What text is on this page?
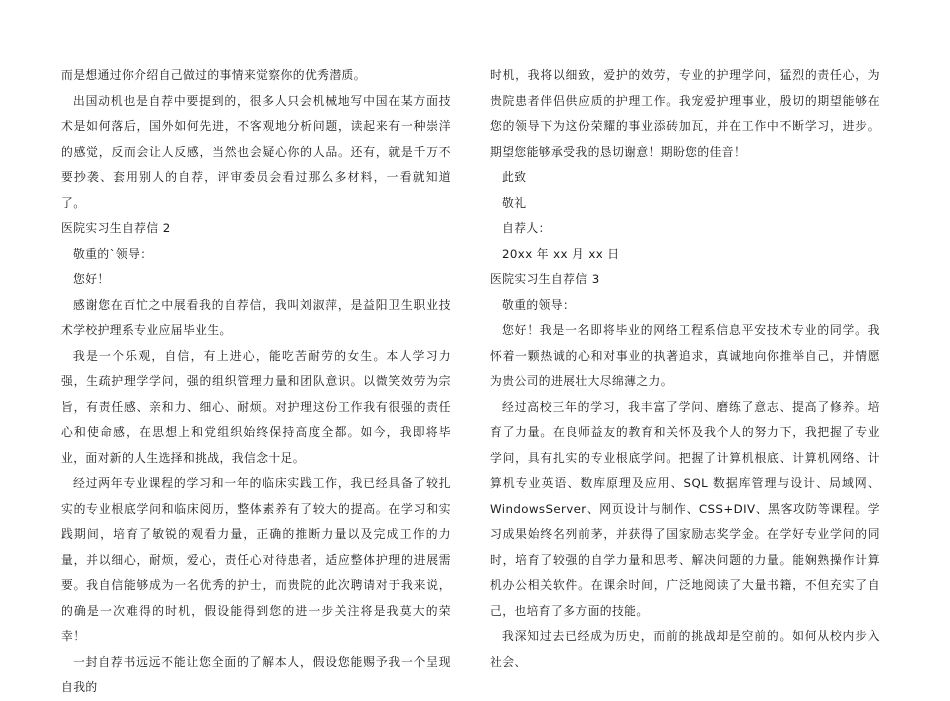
而是想通过你介绍自己做过的事情来觉察你的优秀潜质。

出国动机也是自荐中要提到的，很多人只会机械地写中国在某方面技术是如何落后，国外如何先进，不客观地分析问题，读起来有一种崇洋的感觉，反而会让人反感，当然也会疑心你的人品。还有，就是千万不要抄袭、套用别人的自荐，评审委员会看过那么多材料，一看就知道了。

医院实习生自荐信 2

敬重的`领导：

您好！

感谢您在百忙之中展看我的自荐信，我叫刘淑萍，是益阳卫生职业技术学校护理系专业应届毕业生。

我是一个乐观，自信，有上进心，能吃苦耐劳的女生。本人学习力强，生疏护理学学问，强的组织管理力量和团队意识。以微笑效劳为宗旨，有责任感、亲和力、细心、耐烦。对护理这份工作我有很强的责任心和使命感，在思想上和党组织始终保持高度全都。如今，我即将毕业，面对新的人生选择和挑战，我信念十足。

经过两年专业课程的学习和一年的临床实践工作，我已经具备了较扎实的专业根底学问和临床阅历，整体素养有了较大的提高。在学习和实践期间，培育了敏锐的观看力量，正确的推断力量以及完成工作的力量，并以细心，耐烦，爱心，责任心对待患者，适应整体护理的进展需要。我自信能够成为一名优秀的护士，而贵院的此次聘请对于我来说，的确是一次难得的时机，假设能得到您的进一步关注将是我莫大的荣幸！

一封自荐书远远不能让您全面的了解本人，假设您能赐予我一个呈现自我的

时机，我将以细致，爱护的效劳，专业的护理学问，猛烈的责任心，为贵院患者伴侣供应质的护理工作。我宠爱护理事业，殷切的期望能够在您的领导下为这份荣耀的事业添砖加瓦，并在工作中不断学习，进步。期望您能够承受我的恳切谢意！期盼您的佳音！

此致

敬礼

自荐人：

20xx 年 xx 月 xx 日

医院实习生自荐信 3

敬重的领导：

您好！我是一名即将毕业的网络工程系信息平安技术专业的同学。我怀着一颗热诚的心和对事业的执著追求，真诚地向你推举自己，并情愿为贵公司的进展壮大尽绵薄之力。

经过高校三年的学习，我丰富了学问、磨练了意志、提高了修养。培育了力量。在良师益友的教育和关怀及我个人的努力下，我把握了专业学问，具有扎实的专业根底学问。把握了计算机根底、计算机网络、计算机专业英语、数库原理及应用、SQL 数据库管理与设计、局域网、WindowsServer、网页设计与制作、CSS+DIV、黑客攻防等课程。学习成果始终名列前茅，并获得了国家励志奖学金。在学好专业学问的同时，培育了较强的自学力量和思考、解决问题的力量。能娴熟操作计算机办公相关软件。在课余时间，广泛地阅读了大量书籍，不但充实了自己，也培育了多方面的技能。

我深知过去已经成为历史，而前的挑战却是空前的。如何从校内步入社会、
